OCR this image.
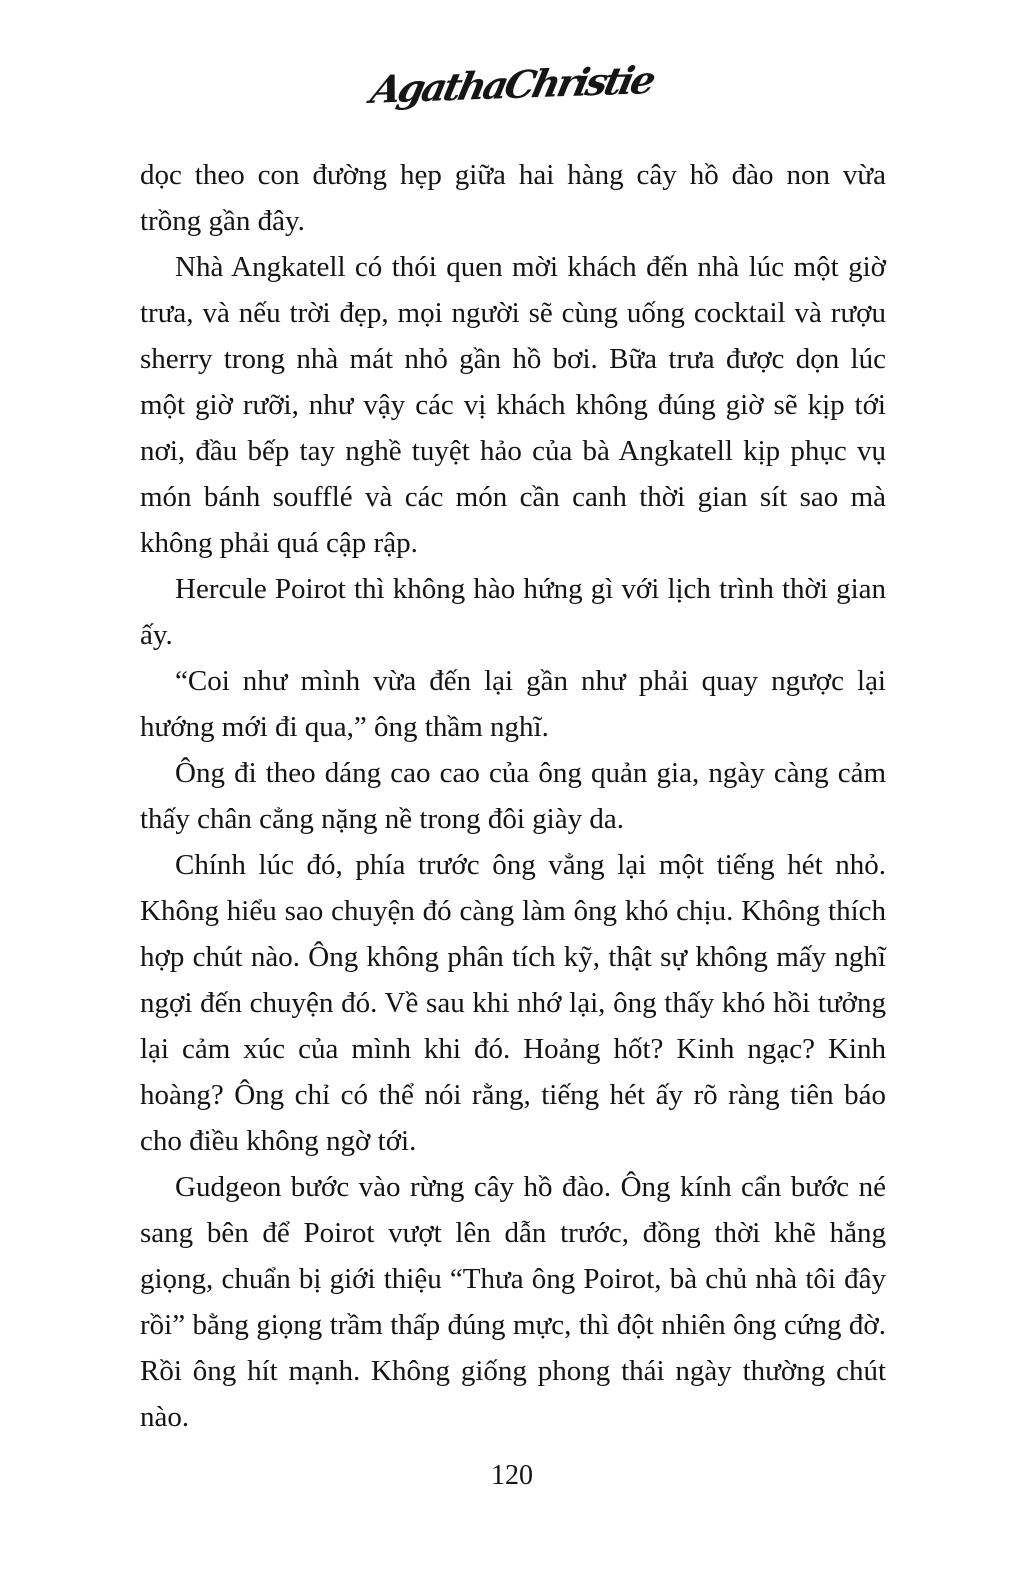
AgathaChristie

dọc theo con đường hẹp giữa hai hàng cây hồ đào non vừa trồng gần đây.

Nhà Angkatell có thói quen mời khách đến nhà lúc một giờ trưa, và nếu trời đẹp, mọi người sẽ cùng uống cocktail và rượu sherry trong nhà mát nhỏ gần hồ bơi. Bữa trưa được dọn lúc một giờ rưỡi, như vậy các vị khách không đúng giờ sẽ kịp tới nơi, đầu bếp tay nghề tuyệt hảo của bà Angkatell kịp phục vụ món bánh soufflé và các món cần canh thời gian sít sao mà không phải quá cập rập.

Hercule Poirot thì không hào hứng gì với lịch trình thời gian ấy.

“Coi như mình vừa đến lại gần như phải quay ngược lại hướng mới đi qua,” ông thầm nghĩ.

Ông đi theo dáng cao cao của ông quản gia, ngày càng cảm thấy chân cẳng nặng nề trong đôi giày da.

Chính lúc đó, phía trước ông vẳng lại một tiếng hét nhỏ. Không hiểu sao chuyện đó càng làm ông khó chịu. Không thích hợp chút nào. Ông không phân tích kỹ, thật sự không mấy nghĩ ngợi đến chuyện đó. Về sau khi nhớ lại, ông thấy khó hồi tưởng lại cảm xúc của mình khi đó. Hoảng hốt? Kinh ngạc? Kinh hoàng? Ông chỉ có thể nói rằng, tiếng hét ấy rõ ràng tiên báo cho điều không ngờ tới.

Gudgeon bước vào rừng cây hồ đào. Ông kính cẩn bước né sang bên để Poirot vượt lên dẫn trước, đồng thời khẽ hắng giọng, chuẩn bị giới thiệu “Thưa ông Poirot, bà chủ nhà tôi đây rồi” bằng giọng trầm thấp đúng mực, thì đột nhiên ông cứng đờ. Rồi ông hít mạnh. Không giống phong thái ngày thường chút nào.

120
